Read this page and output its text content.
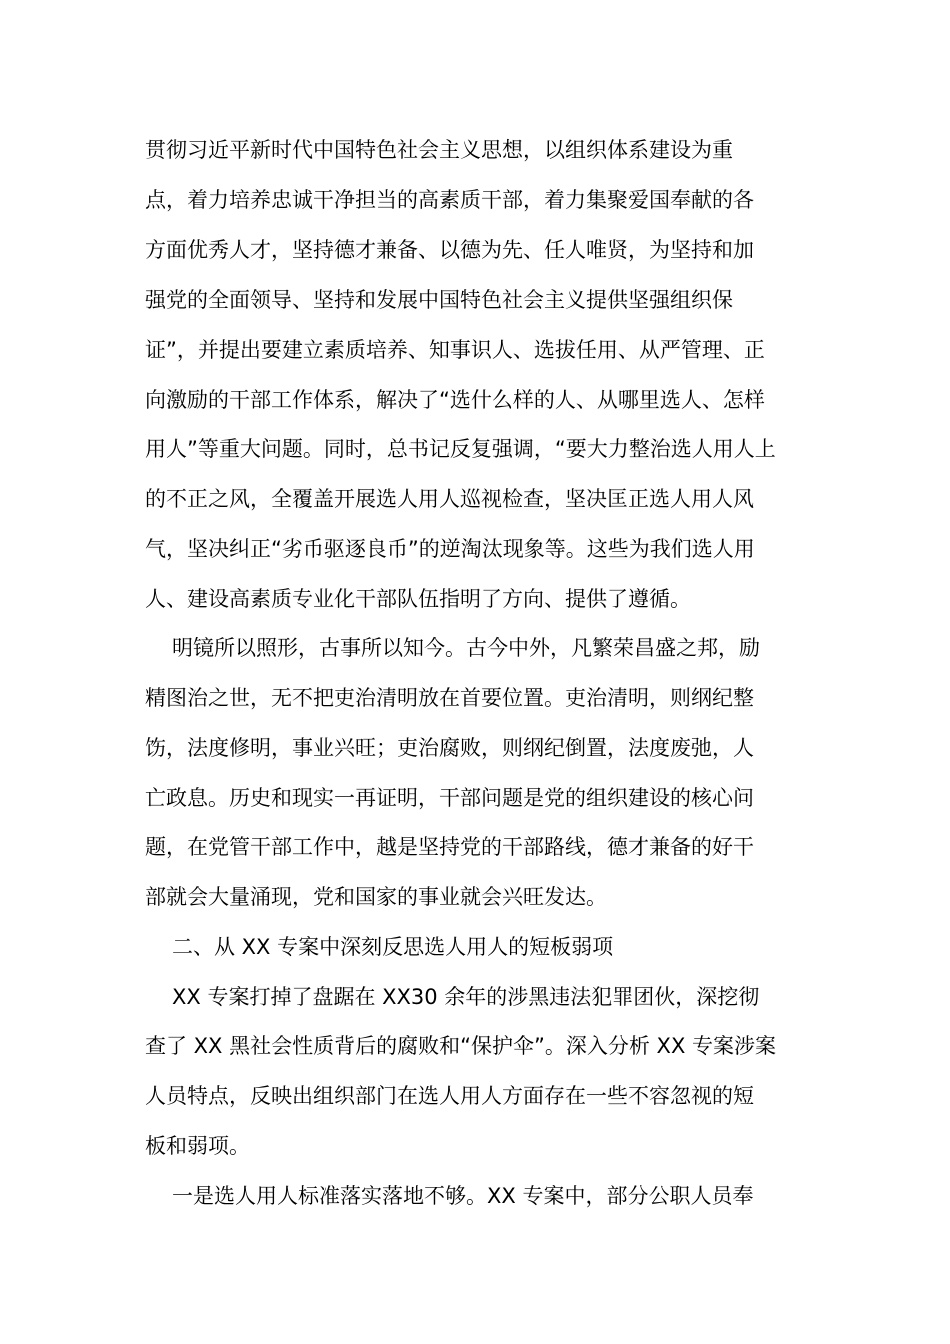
贯彻习近平新时代中国特色社会主义思想，以组织体系建设为重
点，着力培养忠诚干净担当的高素质干部，着力集聚爱国奉献的各
方面优秀人才，坚持德才兼备、以德为先、任人唯贤，为坚持和加
强党的全面领导、坚持和发展中国特色社会主义提供坚强组织保
证”，并提出要建立素质培养、知事识人、选拔任用、从严管理、正
向激励的干部工作体系，解决了“选什么样的人、从哪里选人、怎样
用人”等重大问题。同时，总书记反复强调，“要大力整治选人用人上
的不正之风，全覆盖开展选人用人巡视检查，坚决匡正选人用人风
气，坚决纠正“劣币驱逐良币”的逆淘汰现象等。这些为我们选人用
人、建设高素质专业化干部队伍指明了方向、提供了遵循。
明镜所以照形，古事所以知今。古今中外，凡繁荣昌盛之邦，励
精图治之世，无不把吏治清明放在首要位置。吏治清明，则纲纪整
饬，法度修明，事业兴旺；吏治腐败，则纲纪倒置，法度废弛，人
亡政息。历史和现实一再证明，干部问题是党的组织建设的核心问
题，在党管干部工作中，越是坚持党的干部路线，德才兼备的好干
部就会大量涌现，党和国家的事业就会兴旺发达。
二、从 XX 专案中深刻反思选人用人的短板弱项
XX 专案打掉了盘踞在 XX30 余年的涉黑违法犯罪团伙，深挖彻
查了 XX 黑社会性质背后的腐败和“保护伞”。深入分析 XX 专案涉案
人员特点，反映出组织部门在选人用人方面存在一些不容忽视的短
板和弱项。
一是选人用人标准落实落地不够。XX 专案中，部分公职人员奉
